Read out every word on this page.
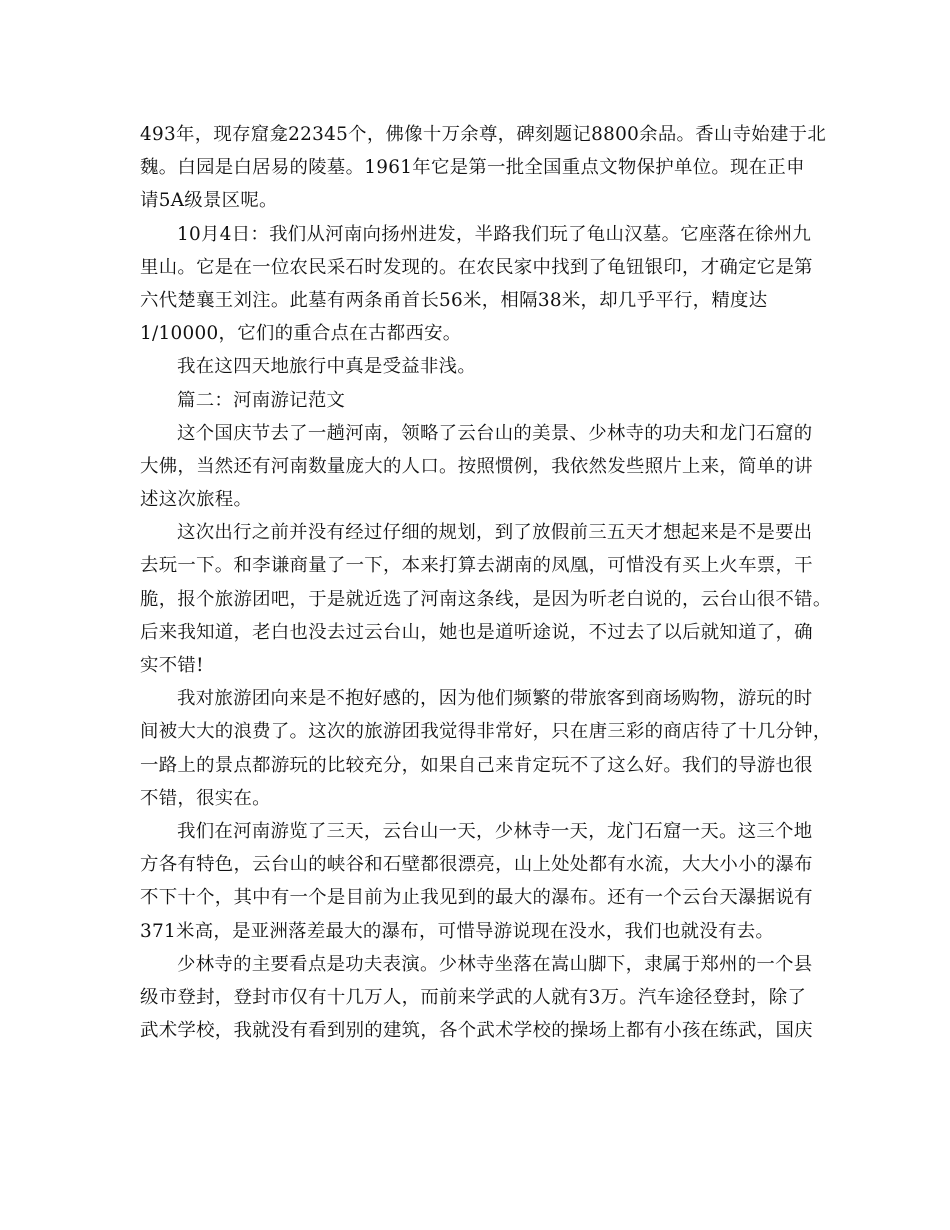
493年，现存窟龛22345个，佛像十万余尊，碑刻题记8800余品。香山寺始建于北
魏。白园是白居易的陵墓。1961年它是第一批全国重点文物保护单位。现在正申
请5A级景区呢。
10月4日：我们从河南向扬州进发，半路我们玩了龟山汉墓。它座落在徐州九
里山。它是在一位农民采石时发现的。在农民家中找到了龟钮银印，才确定它是第
六代楚襄王刘注。此墓有两条甬首长56米，相隔38米，却几乎平行，精度达
1/10000，它们的重合点在古都西安。
我在这四天地旅行中真是受益非浅。
篇二：河南游记范文
这个国庆节去了一趟河南，领略了云台山的美景、少林寺的功夫和龙门石窟的
大佛，当然还有河南数量庞大的人口。按照惯例，我依然发些照片上来，简单的讲
述这次旅程。
这次出行之前并没有经过仔细的规划，到了放假前三五天才想起来是不是要出
去玩一下。和李谦商量了一下，本来打算去湖南的凤凰，可惜没有买上火车票，干
脆，报个旅游团吧，于是就近选了河南这条线，是因为听老白说的，云台山很不错。
后来我知道，老白也没去过云台山，她也是道听途说，不过去了以后就知道了，确
实不错!
我对旅游团向来是不抱好感的，因为他们频繁的带旅客到商场购物，游玩的时
间被大大的浪费了。这次的旅游团我觉得非常好，只在唐三彩的商店待了十几分钟，
一路上的景点都游玩的比较充分，如果自己来肯定玩不了这么好。我们的导游也很
不错，很实在。
我们在河南游览了三天，云台山一天，少林寺一天，龙门石窟一天。这三个地
方各有特色，云台山的峡谷和石壁都很漂亮，山上处处都有水流，大大小小的瀑布
不下十个，其中有一个是目前为止我见到的最大的瀑布。还有一个云台天瀑据说有
371米高，是亚洲落差最大的瀑布，可惜导游说现在没水，我们也就没有去。
少林寺的主要看点是功夫表演。少林寺坐落在嵩山脚下，隶属于郑州的一个县
级市登封，登封市仅有十几万人，而前来学武的人就有3万。汽车途径登封，除了
武术学校，我就没有看到别的建筑，各个武术学校的操场上都有小孩在练武，国庆
